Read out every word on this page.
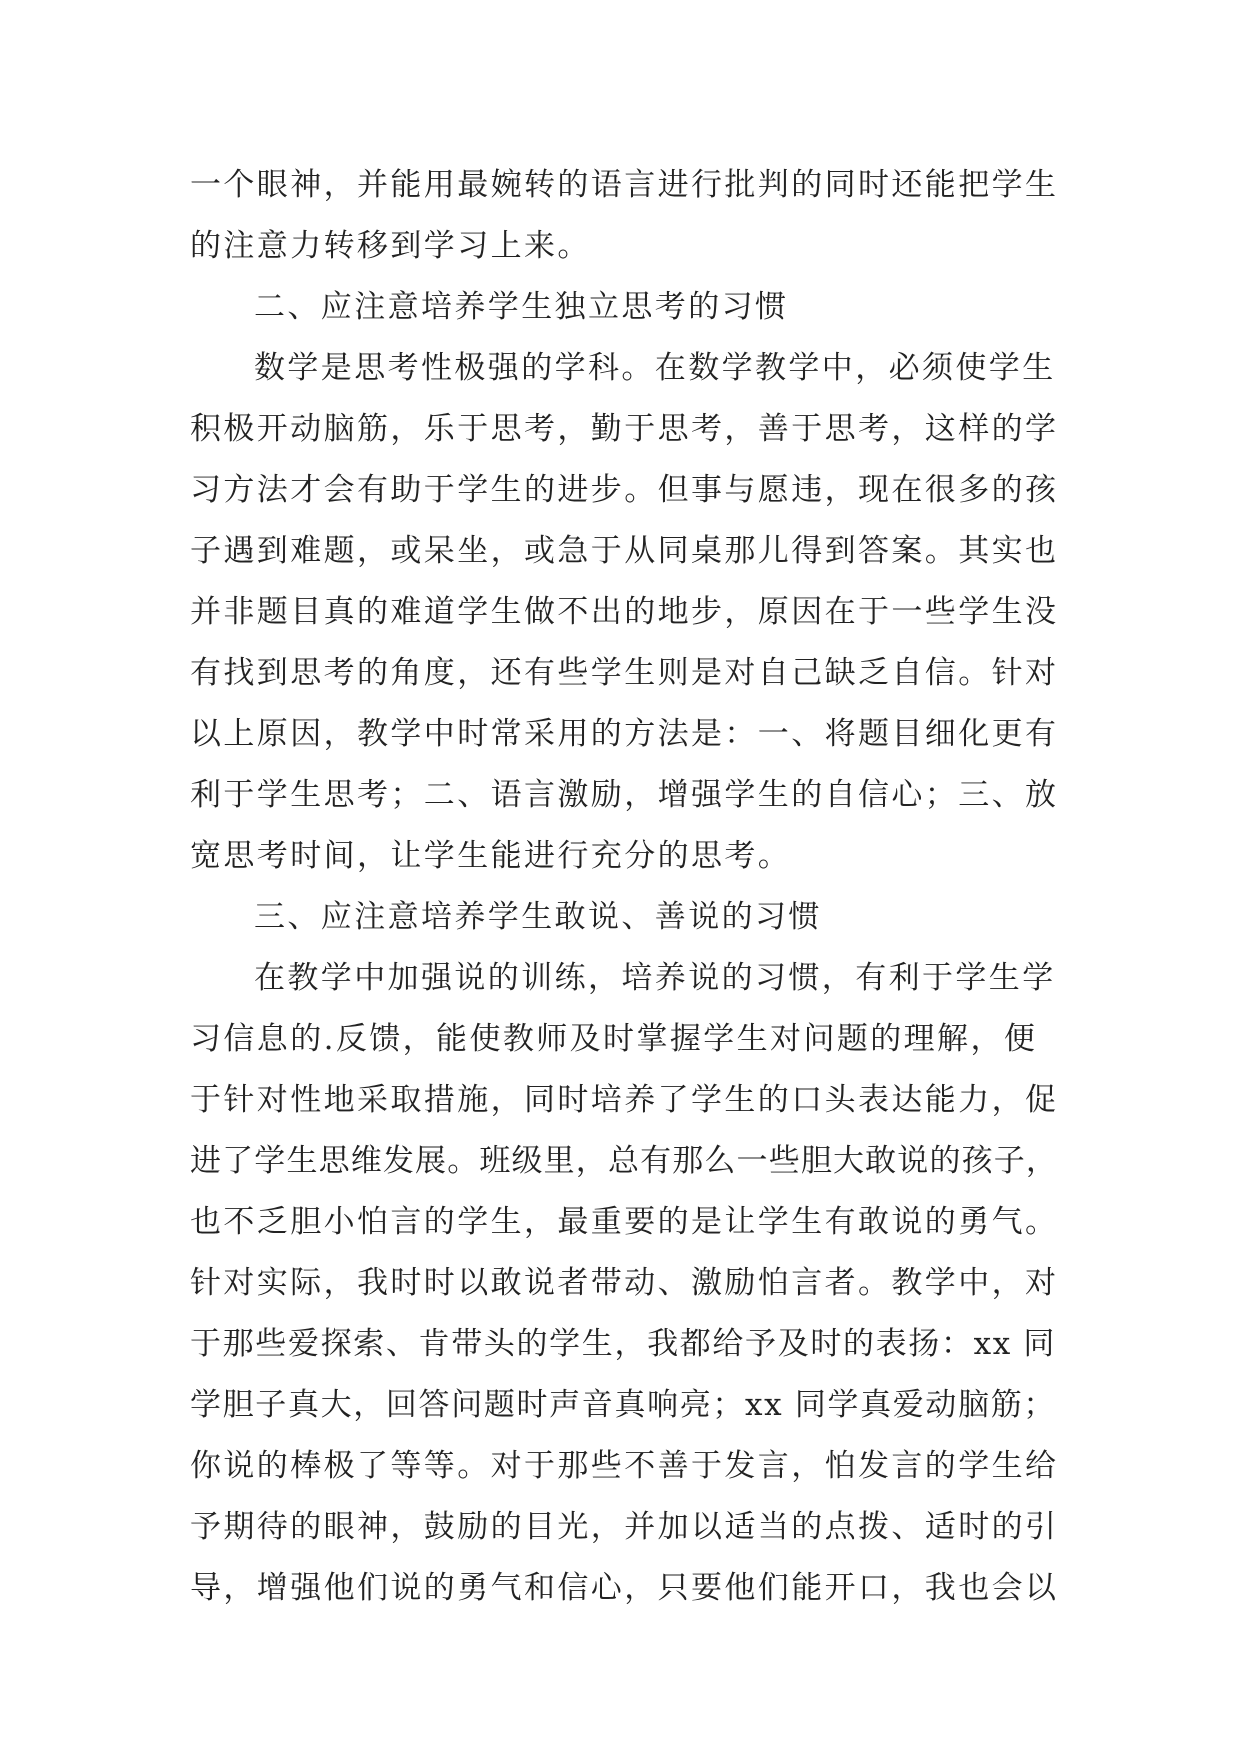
一个眼神，并能用最婉转的语言进行批判的同时还能把学生
的注意力转移到学习上来。
二、应注意培养学生独立思考的习惯
数学是思考性极强的学科。在数学教学中，必须使学生
积极开动脑筋，乐于思考，勤于思考，善于思考，这样的学
习方法才会有助于学生的进步。但事与愿违，现在很多的孩
子遇到难题，或呆坐，或急于从同桌那儿得到答案。其实也
并非题目真的难道学生做不出的地步，原因在于一些学生没
有找到思考的角度，还有些学生则是对自己缺乏自信。针对
以上原因，教学中时常采用的方法是：一、将题目细化更有
利于学生思考；二、语言激励，增强学生的自信心；三、放
宽思考时间，让学生能进行充分的思考。
三、应注意培养学生敢说、善说的习惯
在教学中加强说的训练，培养说的习惯，有利于学生学
习信息的.反馈，能使教师及时掌握学生对问题的理解，便
于针对性地采取措施，同时培养了学生的口头表达能力，促
进了学生思维发展。班级里，总有那么一些胆大敢说的孩子，
也不乏胆小怕言的学生，最重要的是让学生有敢说的勇气。
针对实际，我时时以敢说者带动、激励怕言者。教学中，对
于那些爱探索、肯带头的学生，我都给予及时的表扬：xx 同
学胆子真大，回答问题时声音真响亮；xx 同学真爱动脑筋；
你说的棒极了等等。对于那些不善于发言，怕发言的学生给
予期待的眼神，鼓励的目光，并加以适当的点拨、适时的引
导，增强他们说的勇气和信心，只要他们能开口，我也会以
